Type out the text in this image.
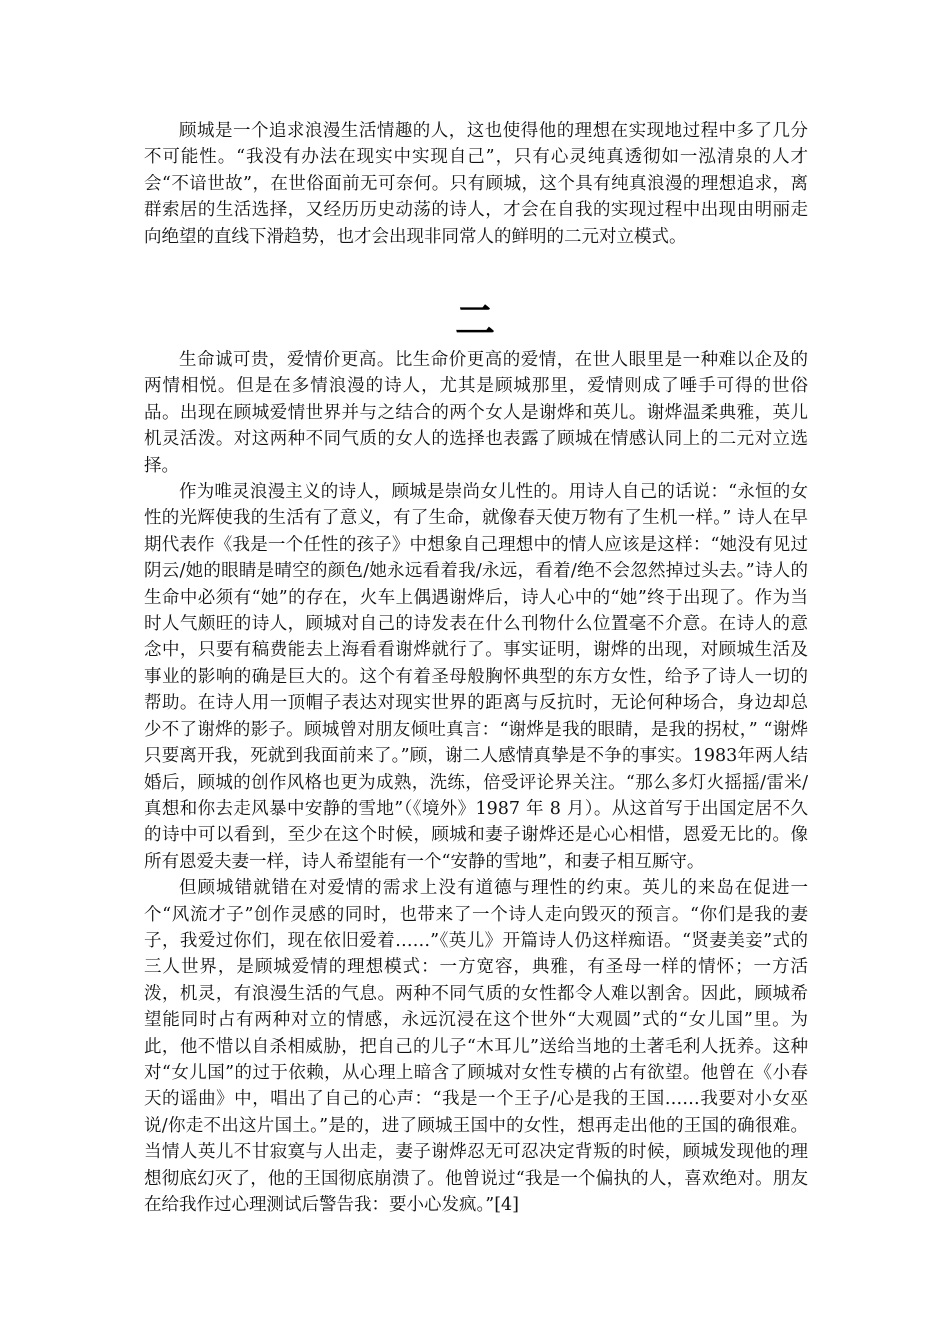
顾城是一个追求浪漫生活情趣的人，这也使得他的理想在实现地过程中多了几分不可能性。“我没有办法在现实中实现自己”，只有心灵纯真透彻如一泓清泉的人才会“不谙世故”，在世俗面前无可奈何。只有顾城，这个具有纯真浪漫的理想追求，离群索居的生活选择，又经历历史动荡的诗人，才会在自我的实现过程中出现由明丽走向绝望的直线下滑趋势，也才会出现非同常人的鲜明的二元对立模式。

二

生命诚可贵，爱情价更高。比生命价更高的爱情，在世人眼里是一种难以企及的两情相悦。但是在多情浪漫的诗人，尤其是顾城那里，爱情则成了唾手可得的世俗品。出现在顾城爱情世界并与之结合的两个女人是谢烨和英儿。谢烨温柔典雅，英儿机灵活泼。对这两种不同气质的女人的选择也表露了顾城在情感认同上的二元对立选择。

作为唯灵浪漫主义的诗人，顾城是崇尚女儿性的。用诗人自己的话说：“永恒的女性的光辉使我的生活有了意义，有了生命，就像春天使万物有了生机一样。” 诗人在早期代表作《我是一个任性的孩子》中想象自己理想中的情人应该是这样：“她没有见过阴云/她的眼睛是晴空的颜色/她永远看着我/永远，看着/绝不会忽然掉过头去。”诗人的生命中必须有“她”的存在，火车上偶遇谢烨后，诗人心中的“她”终于出现了。作为当时人气颇旺的诗人，顾城对自己的诗发表在什么刊物什么位置毫不介意。在诗人的意念中，只要有稿费能去上海看看谢烨就行了。事实证明，谢烨的出现，对顾城生活及事业的影响的确是巨大的。这个有着圣母般胸怀典型的东方女性，给予了诗人一切的帮助。在诗人用一顶帽子表达对现实世界的距离与反抗时，无论何种场合，身边却总少不了谢烨的影子。顾城曾对朋友倾吐真言：“谢烨是我的眼睛，是我的拐杖，” “谢烨只要离开我，死就到我面前来了。”顾，谢二人感情真挚是不争的事实。1983年两人结婚后，顾城的创作风格也更为成熟，洗练，倍受评论界关注。“那么多灯火摇摇/雷米/真想和你去走风暴中安静的雪地”（《境外》1987 年 8 月）。从这首写于出国定居不久的诗中可以看到，至少在这个时候，顾城和妻子谢烨还是心心相惜，恩爱无比的。像所有恩爱夫妻一样，诗人希望能有一个“安静的雪地”，和妻子相互厮守。

但顾城错就错在对爱情的需求上没有道德与理性的约束。英儿的来岛在促进一个“风流才子”创作灵感的同时，也带来了一个诗人走向毁灭的预言。“你们是我的妻子，我爱过你们，现在依旧爱着……”《英儿》开篇诗人仍这样痴语。“贤妻美妾”式的三人世界，是顾城爱情的理想模式：一方宽容，典雅，有圣母一样的情怀；一方活泼，机灵，有浪漫生活的气息。两种不同气质的女性都令人难以割舍。因此，顾城希望能同时占有两种对立的情感，永远沉浸在这个世外“大观圆”式的“女儿国”里。为此，他不惜以自杀相威胁，把自己的儿子“木耳儿”送给当地的土著毛利人抚养。这种对“女儿国”的过于依赖，从心理上暗含了顾城对女性专横的占有欲望。他曾在《小春天的谣曲》中，唱出了自己的心声：“我是一个王子/心是我的王国……我要对小女巫说/你走不出这片国土。”是的，进了顾城王国中的女性，想再走出他的王国的确很难。当情人英儿不甘寂寞与人出走，妻子谢烨忍无可忍决定背叛的时候，顾城发现他的理想彻底幻灭了，他的王国彻底崩溃了。他曾说过“我是一个偏执的人，喜欢绝对。朋友在给我作过心理测试后警告我：要小心发疯。”[4]
